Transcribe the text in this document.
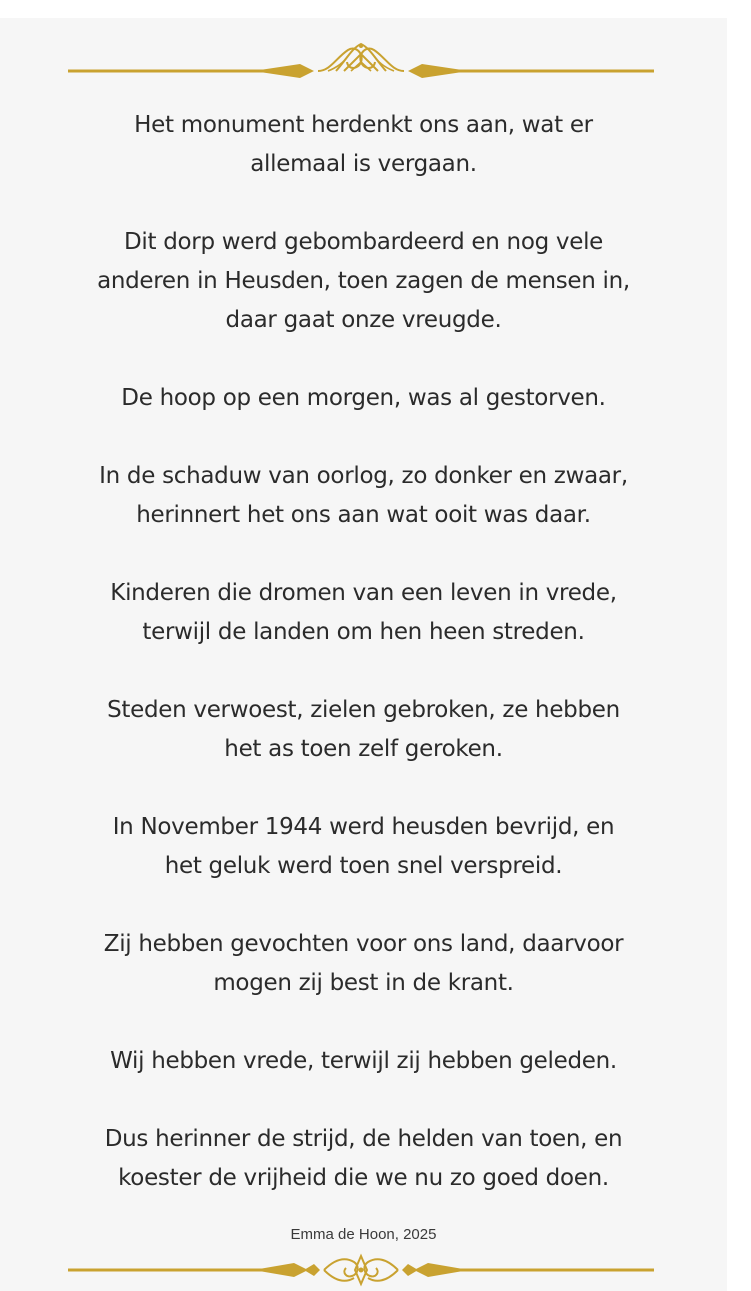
Het monument herdenkt ons aan, wat er
allemaal is vergaan.
Dit dorp werd gebombardeerd en nog vele
anderen in Heusden, toen zagen de mensen in,
daar gaat onze vreugde.
De hoop op een morgen, was al gestorven.
In de schaduw van oorlog, zo donker en zwaar,
herinnert het ons aan wat ooit was daar.
Kinderen die dromen van een leven in vrede,
terwijl de landen om hen heen streden.
Steden verwoest, zielen gebroken, ze hebben
het as toen zelf geroken.
In November 1944 werd heusden bevrijd, en
het geluk werd toen snel verspreid.
Zij hebben gevochten voor ons land, daarvoor
mogen zij best in de krant.
Wij hebben vrede, terwijl zij hebben geleden.
Dus herinner de strijd, de helden van toen, en
koester de vrijheid die we nu zo goed doen.
Emma de Hoon, 2025
